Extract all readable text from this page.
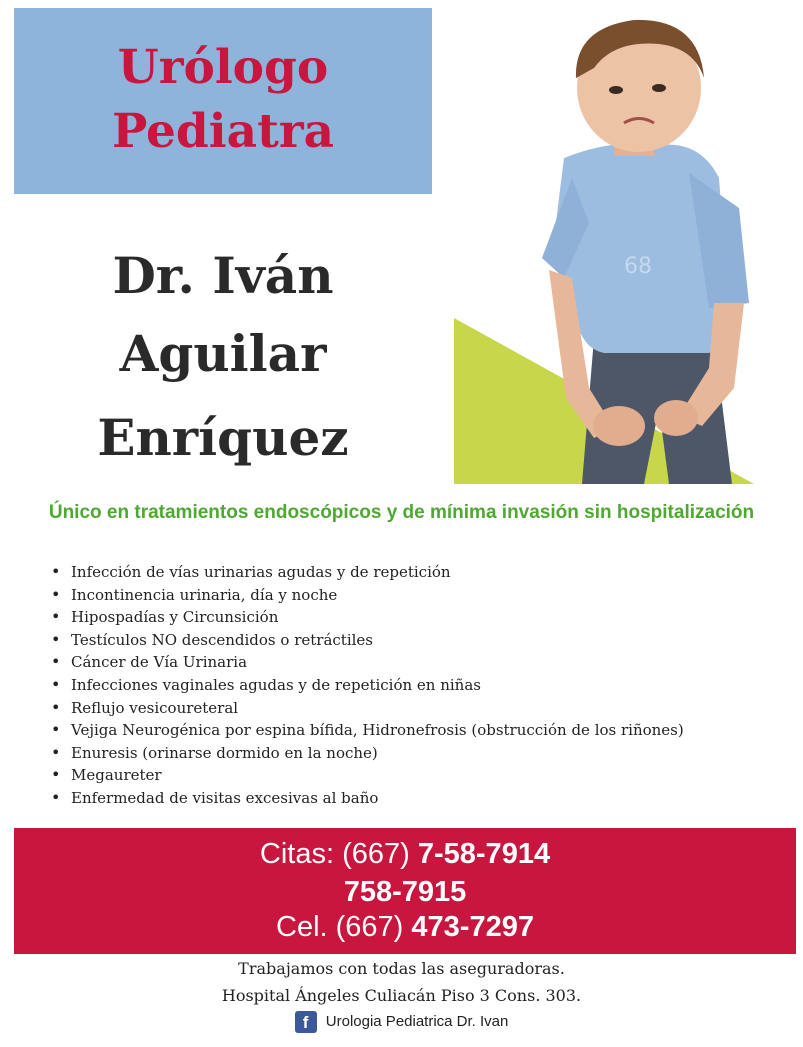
Urólogo
Pediatra
Dr. Iván
Aguilar
Enríquez
68
Único en tratamientos endoscópicos y de mínima invasión sin hospitalización
• Infección de vías urinarias agudas y de repetición
• Incontinencia urinaria, día y noche
• Hipospadías y Circunsición
• Testículos NO descendidos o retráctiles
• Cáncer de Vía Urinaria
• Infecciones vaginales agudas y de repetición en niñas
• Reflujo vesicoureteral
• Vejiga Neurogénica por espina bífida, Hidronefrosis (obstrucción de los riñones)
• Enuresis (orinarse dormido en la noche)
• Megaureter
• Enfermedad de visitas excesivas al baño
Citas: (667) 7-58-7914
758-7915
Cel. (667) 473-7297
Trabajamos con todas las aseguradoras.
Hospital Ángeles Culiacán Piso 3 Cons. 303.
f Urologia Pediatrica Dr. Ivan
